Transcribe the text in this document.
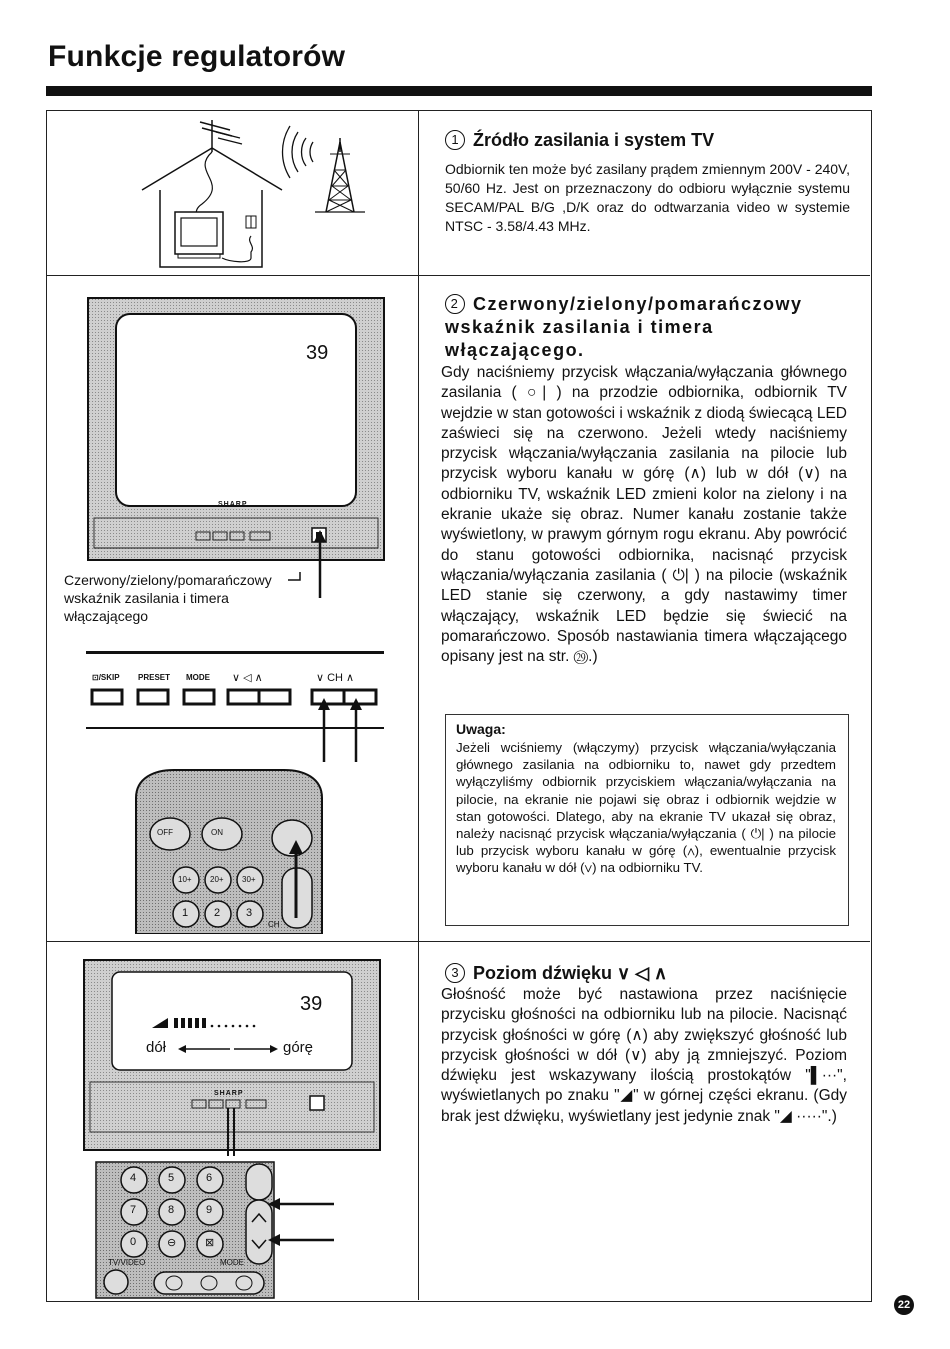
Funkcje regulatorów
1 Źródło zasilania i system TV
Odbiornik ten może być zasilany prądem zmiennym 200V - 240V, 50/60 Hz. Jest on przeznaczony do odbioru wyłącznie systemu SECAM/PAL B/G ,D/K oraz do odtwarzania video w systemie NTSC - 3.58/4.43 MHz.
2 Czerwony/zielony/pomarańczowy wskaźnik zasilania i timera włączającego.
Gdy naciśniemy przycisk włączania/wyłączania głównego zasilania ( ○| ) na przodzie odbiornika, odbiornik TV wejdzie w stan gotowości i wskaźnik z diodą świecącą LED zaświeci się na czerwono. Jeżeli wtedy naciśniemy przycisk włączania/wyłączania zasilania na pilocie lub przycisk wyboru kanału w górę (∧) lub w dół (∨) na odbiorniku TV, wskaźnik LED zmieni kolor na zielony i na ekranie ukaże się obraz. Numer kanału zostanie także wyświetlony, w prawym górnym rogu ekranu. Aby powrócić do stanu gotowości odbiornika, nacisnąć przycisk włączania/wyłączania zasilania ( ⏻| ) na pilocie (wskaźnik LED stanie się czerwony, a gdy nastawimy timer włączający, wskaźnik LED będzie się świecić na pomarańczowo. Sposób nastawiania timera włączającego opisany jest na str. ㉙.)
39
SHARP
Czerwony/zielony/pomarańczowy wskaźnik zasilania i timera włączającego
⊡/SKIP PRESET MODE ∨ ◁ ∧	∨ CH ∧
OFF	ON
10+ 20+ 30+
1 2 3
CH
Uwaga:
Jeżeli wciśniemy (włączymy) przycisk włączania/wyłączania głównego zasilania na odbiorniku to, nawet gdy przedtem wyłączyliśmy odbiornik przyciskiem włączania/wyłączania na pilocie, na ekranie nie pojawi się obraz i odbiornik wejdzie w stan gotowości. Dlatego, aby na ekranie TV ukazał się obraz, należy nacisnąć przycisk włączania/wyłączania ( ⏻| ) na pilocie lub przycisk wyboru kanału w górę (∧), ewentualnie przycisk wyboru kanału w dół (∨) na odbiorniku TV.
3 Poziom dźwięku ∨ ◁ ∧
Głośność może być nastawiona przez naciśnięcie przycisku głośności na odbiorniku lub na pilocie. Nacisnąć przycisk głośności w górę (∧) aby zwiększyć głośność lub przycisk głośności w dół (∨) aby ją zmniejszyć. Poziom dźwięku jest wskazywany ilością prostokątów "▌···", wyświetlanych po znaku "◢" w górnej części ekranu. (Gdy brak jest dźwięku, wyświetlany jest jedynie znak "◢ ·····".)
39
dół	górę
SHARP
4	5	6
7	8	9
0	⊖	⊠
TV/VIDEO	MODE
22
